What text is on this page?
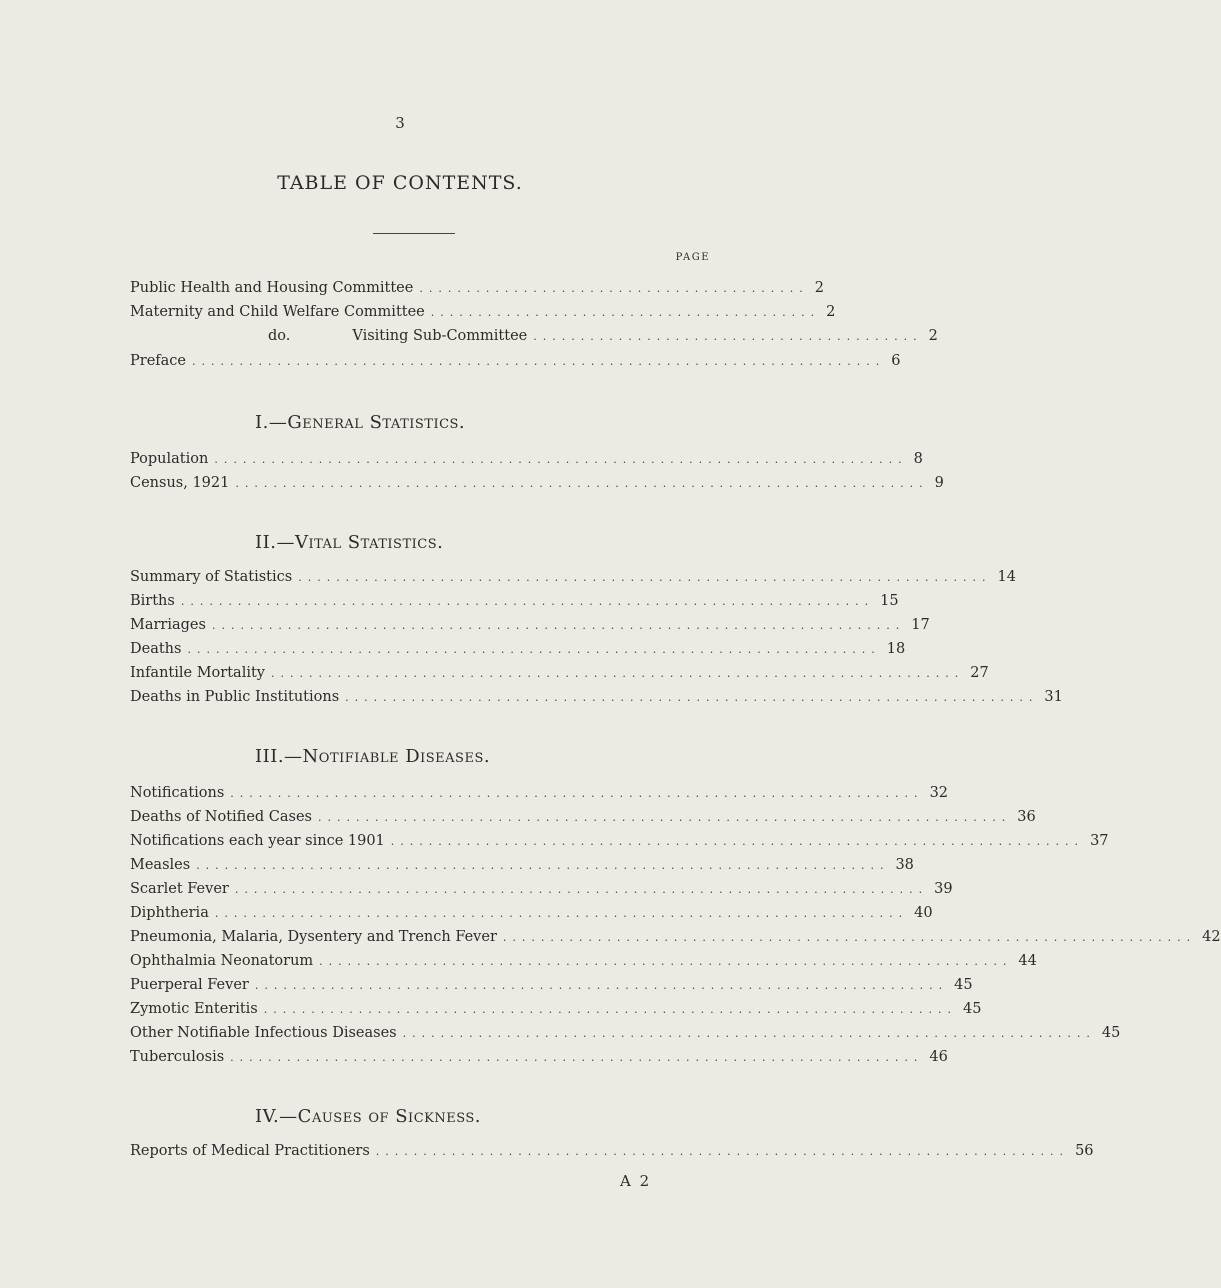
3
TABLE OF CONTENTS.
PAGE
Public Health and Housing Committee ......................................... 2
Maternity and Child Welfare Committee ......................................... 2
do.	Visiting Sub-Committee ......................................... 2
Preface ......................................................................... 6
I.—General Statistics.
Population ......................................................................... 8
Census, 1921 ......................................................................... 9
II.—Vital Statistics.
Summary of Statistics ......................................................................... 14
Births ......................................................................... 15
Marriages ......................................................................... 17
Deaths ......................................................................... 18
Infantile Mortality ......................................................................... 27
Deaths in Public Institutions ......................................................................... 31
III.—Notifiable Diseases.
Notifications ......................................................................... 32
Deaths of Notified Cases ......................................................................... 36
Notifications each year since 1901 ......................................................................... 37
Measles ......................................................................... 38
Scarlet Fever ......................................................................... 39
Diphtheria ......................................................................... 40
Pneumonia, Malaria, Dysentery and Trench Fever ......................................................................... 42
Ophthalmia Neonatorum ......................................................................... 44
Puerperal Fever ......................................................................... 45
Zymotic Enteritis ......................................................................... 45
Other Notifiable Infectious Diseases ......................................................................... 45
Tuberculosis ......................................................................... 46
IV.—Causes of Sickness.
Reports of Medical Practitioners ......................................................................... 56
A 2
